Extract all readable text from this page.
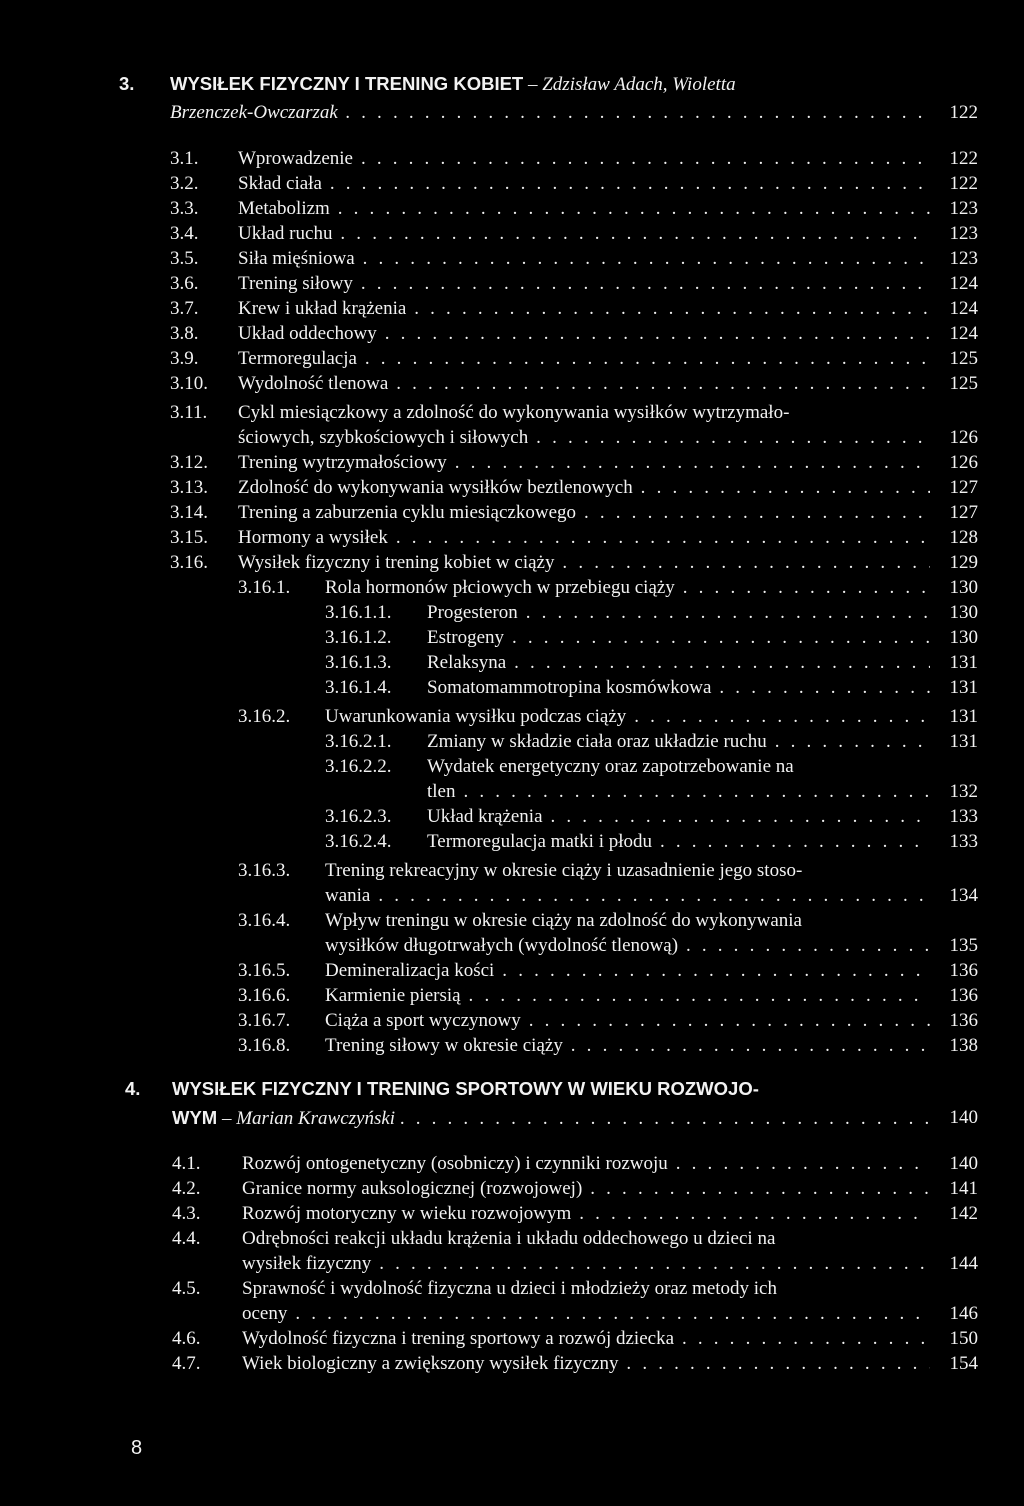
3. WYSIŁEK FIZYCZNY I TRENING KOBIET – Zdzisław Adach, Wioletta
Brzenczek-Owczarzak . . .	122
3.1. Wprowadzenie . . .	122
3.2. Skład ciała . . .	122
3.3. Metabolizm . . .	123
3.4. Układ ruchu . . .	123
3.5. Siła mięśniowa . . .	123
3.6. Trening siłowy . . .	124
3.7. Krew i układ krążenia . . .	124
3.8. Układ oddechowy . . .	124
3.9. Termoregulacja . . .	125
3.10. Wydolność tlenowa . . .	125
3.11. Cykl miesiączkowy a zdolność do wykonywania wysiłków wytrzymało-
ściowych, szybkościowych i siłowych . . .	126
3.12. Trening wytrzymałościowy . . .	126
3.13. Zdolność do wykonywania wysiłków beztlenowych . . .	127
3.14. Trening a zaburzenia cyklu miesiączkowego . . .	127
3.15. Hormony a wysiłek . . .	128
3.16. Wysiłek fizyczny i trening kobiet w ciąży . . .	129
3.16.1. Rola hormonów płciowych w przebiegu ciąży . . .	130
3.16.1.1. Progesteron . . .	130
3.16.1.2. Estrogeny . . .	130
3.16.1.3. Relaksyna . . .	131
3.16.1.4. Somatomammotropina kosmówkowa . . .	131
3.16.2. Uwarunkowania wysiłku podczas ciąży . . .	131
3.16.2.1. Zmiany w składzie ciała oraz układzie ruchu . . .	131
3.16.2.2. Wydatek energetyczny oraz zapotrzebowanie na
tlen . . .	132
3.16.2.3. Układ krążenia . . .	133
3.16.2.4. Termoregulacja matki i płodu . . .	133
3.16.3. Trening rekreacyjny w okresie ciąży i uzasadnienie jego stoso-
wania . . .	134
3.16.4. Wpływ treningu w okresie ciąży na zdolność do wykonywania
wysiłków długotrwałych (wydolność tlenową) . . .	135
3.16.5. Demineralizacja kości . . .	136
3.16.6. Karmienie piersią . . .	136
3.16.7. Ciąża a sport wyczynowy . . .	136
3.16.8. Trening siłowy w okresie ciąży . . .	138
4. WYSIŁEK FIZYCZNY I TRENING SPORTOWY W WIEKU ROZWOJO-
WYM – Marian Krawczyński . . .	140
4.1. Rozwój ontogenetyczny (osobniczy) i czynniki rozwoju . . .	140
4.2. Granice normy auksologicznej (rozwojowej) . . .	141
4.3. Rozwój motoryczny w wieku rozwojowym . . .	142
4.4. Odrębności reakcji układu krążenia i układu oddechowego u dzieci na
wysiłek fizyczny . . .	144
4.5. Sprawność i wydolność fizyczna u dzieci i młodzieży oraz metody ich
oceny . . .	146
4.6. Wydolność fizyczna i trening sportowy a rozwój dziecka . . .	150
4.7. Wiek biologiczny a zwiększony wysiłek fizyczny . . .	154
8
